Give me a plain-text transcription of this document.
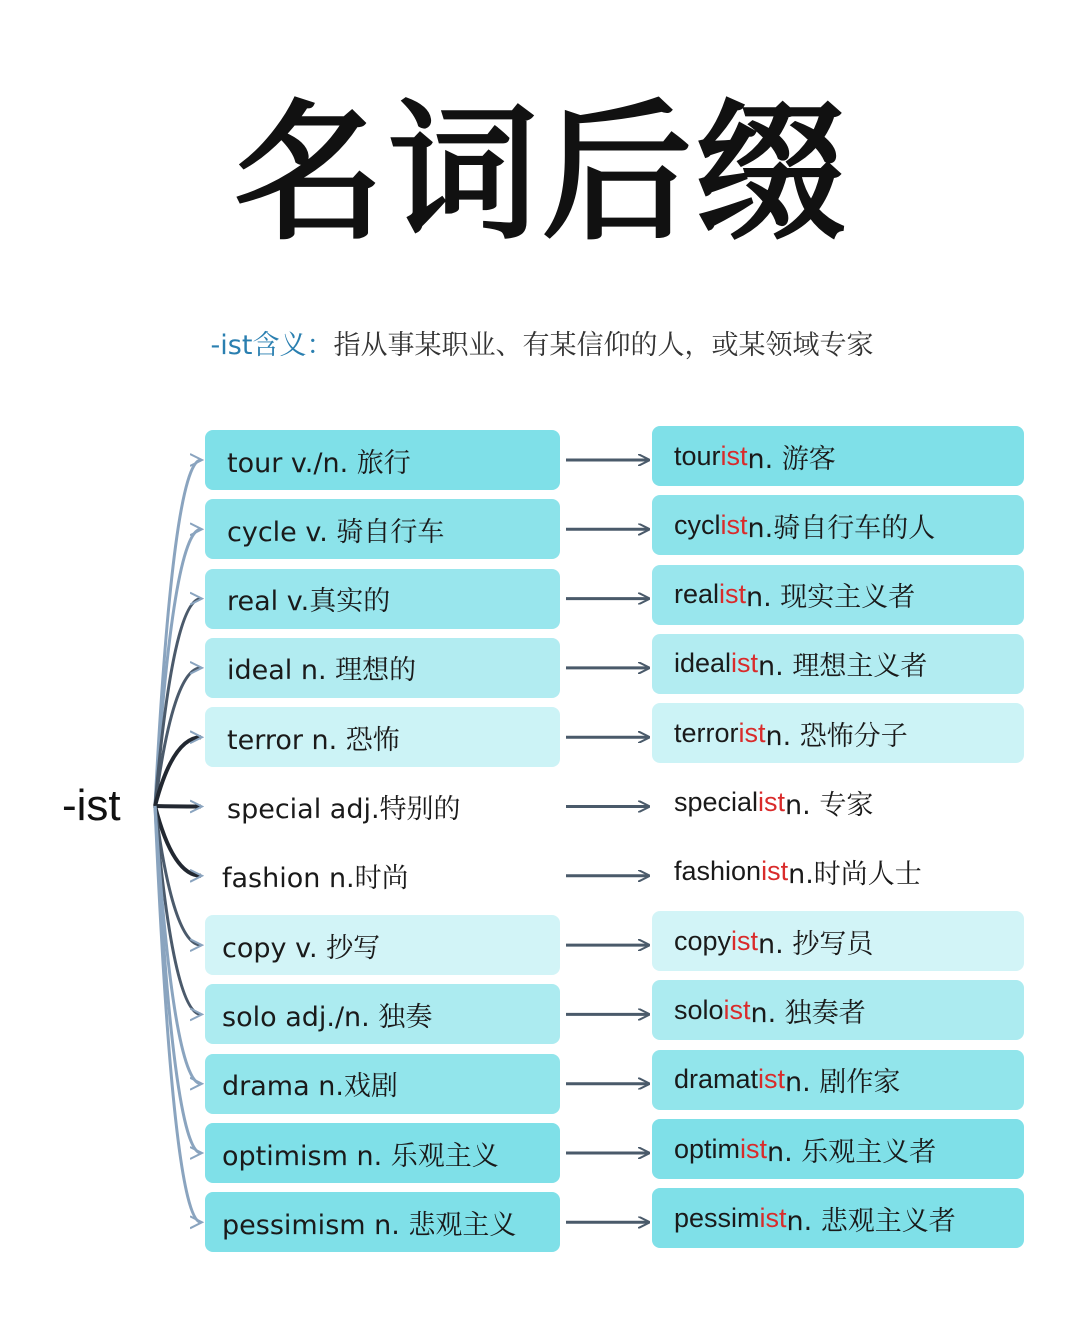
名词后缀
-ist含义：指从事某职业、有某信仰的人，或某领域专家
-ist
tour v./n. 旅行	tour ist n. 游客
cycle v. 骑自行车	cycl ist n.骑自行车的人
real v.真实的	real ist n. 现实主义者
ideal n. 理想的	ideal ist n. 理想主义者
terror n. 恐怖	terror ist n. 恐怖分子
special adj.特别的	special ist n. 专家
fashion n.时尚	fashion ist n.时尚人士
copy v. 抄写	copy ist n. 抄写员
solo adj./n. 独奏	solo ist n. 独奏者
drama n.戏剧	dramat ist n. 剧作家
optimism n. 乐观主义	optim ist n. 乐观主义者
pessimism n. 悲观主义	pessim ist n. 悲观主义者
